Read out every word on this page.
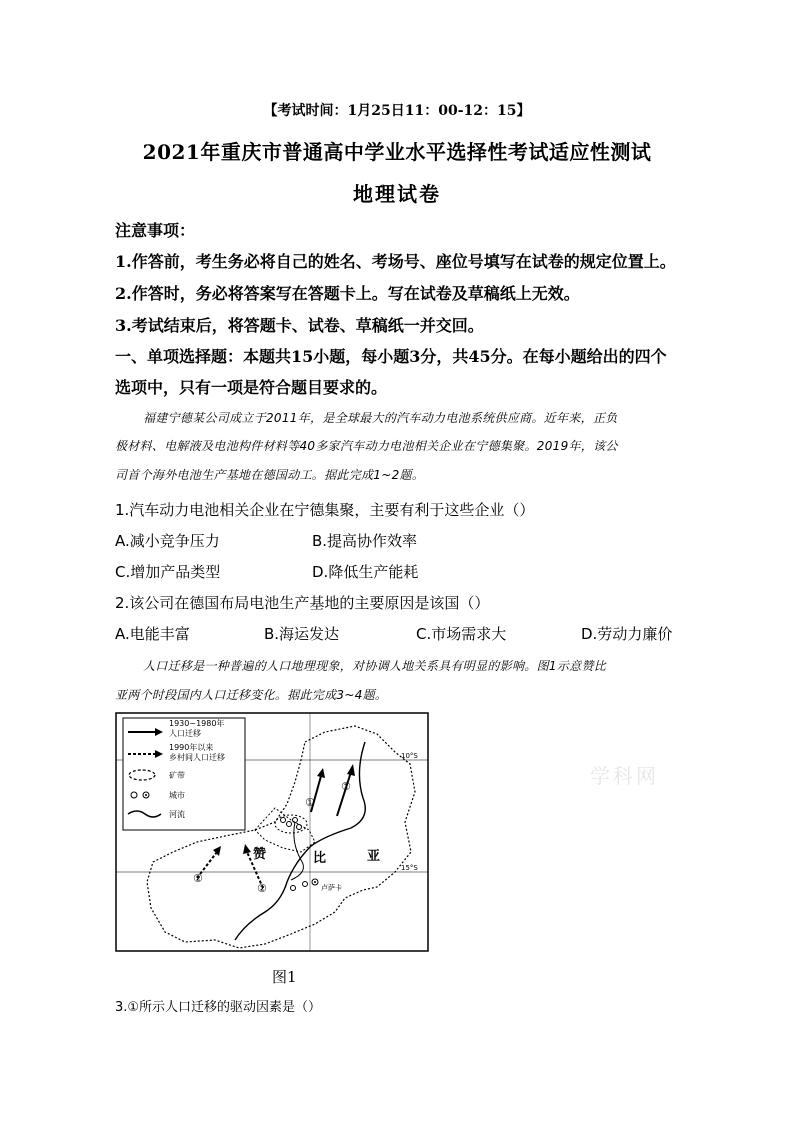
【考试时间：1月25日11：00-12：15】
2021年重庆市普通高中学业水平选择性考试适应性测试
地理试卷
注意事项：
1.作答前，考生务必将自己的姓名、考场号、座位号填写在试卷的规定位置上。
2.作答时，务必将答案写在答题卡上。写在试卷及草稿纸上无效。
3.考试结束后，将答题卡、试卷、草稿纸一并交回。
一、单项选择题：本题共15小题，每小题3分，共45分。在每小题给出的四个
选项中，只有一项是符合题目要求的。
福建宁德某公司成立于2011年，是全球最大的汽车动力电池系统供应商。近年来，正负
极材料、电解液及电池构件材料等40多家汽车动力电池相关企业在宁德集聚。2019年，该公
司首个海外电池生产基地在德国动工。据此完成1~2题。
1.汽车动力电池相关企业在宁德集聚，主要有利于这些企业（）
A.减小竞争压力	B.提高协作效率
C.增加产品类型	D.降低生产能耗
2.该公司在德国布局电池生产基地的主要原因是该国（）
A.电能丰富	B.海运发达	C.市场需求大	D.劳动力廉价
人口迁移是一种普遍的人口地理现象，对协调人地关系具有明显的影响。图1示意赞比
亚两个时段国内人口迁移变化。据此完成3~4题。
1930~1980年
人口迁移
1990年以来
乡村间人口迁移
矿带
城市
河流
①
①
②
②
赞	比	亚
卢萨卡
10°S
15°S
学科网
图1
3.①所示人口迁移的驱动因素是（）
